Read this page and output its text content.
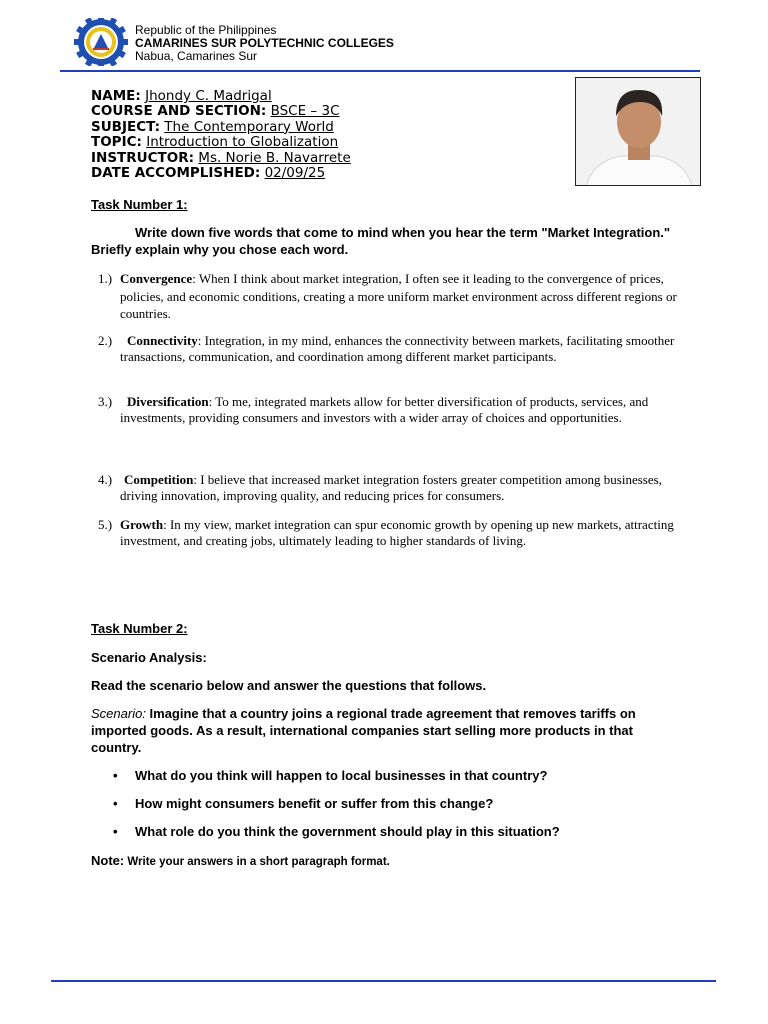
Republic of the Philippines
CAMARINES SUR POLYTECHNIC COLLEGES
Nabua, Camarines Sur
NAME: Jhondy C. Madrigal
COURSE AND SECTION: BSCE – 3C
SUBJECT: The Contemporary World
TOPIC: Introduction to Globalization
INSTRUCTOR: Ms. Norie B. Navarrete
DATE ACCOMPLISHED: 02/09/25
Task Number 1:
Write down five words that come to mind when you hear the term "Market Integration." Briefly explain why you chose each word.
1.) Convergence: When I think about market integration, I often see it leading to the convergence of prices, policies, and economic conditions, creating a more uniform market environment across different regions or countries.
2.)	Connectivity: Integration, in my mind, enhances the connectivity between markets, facilitating smoother transactions, communication, and coordination among different market participants.
3.)	Diversification: To me, integrated markets allow for better diversification of products, services, and investments, providing consumers and investors with a wider array of choices and opportunities.
4.) Competition: I believe that increased market integration fosters greater competition among businesses, driving innovation, improving quality, and reducing prices for consumers.
5.) Growth: In my view, market integration can spur economic growth by opening up new markets, attracting investment, and creating jobs, ultimately leading to higher standards of living.
Task Number 2:
Scenario Analysis:
Read the scenario below and answer the questions that follows.
Scenario: Imagine that a country joins a regional trade agreement that removes tariffs on imported goods. As a result, international companies start selling more products in that country.
• What do you think will happen to local businesses in that country?
• How might consumers benefit or suffer from this change?
• What role do you think the government should play in this situation?
Note: Write your answers in a short paragraph format.
